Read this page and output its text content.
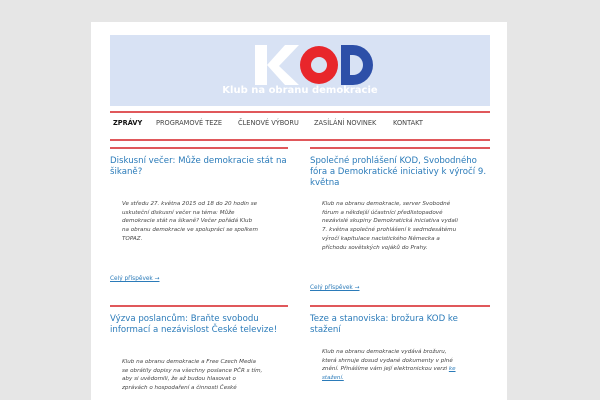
Klub na obranu demokracie
ZPRÁVY PROGRAMOVÉ TEZE ČLENOVÉ VÝBORU ZASÍLÁNÍ NOVINEK	KONTAKT
Diskusní večer: Může demokracie stát na šikaně?
Ve středu 27. května 2015 od 18 do 20 hodin se
uskuteční diskusní večer na téma: Může
demokracie stát na šikaně? Večer pořádá Klub
na obranu demokracie ve spolupráci se spolkem
TOPAZ.
Celý příspěvek →
Společné prohlášení KOD, Svobodného fóra a Demokratické iniciativy k výročí 9. května
Klub na obranu demokracie, server Svobodné
fórum a někdejší účastníci předlistopadové
nezávislé skupiny Demokratická iniciativa vydali
7. května společné prohlášení k sedmdesátému
výročí kapitulace nacistického Německa a
příchodu sovětských vojáků do Prahy.
Celý příspěvek →
Výzva poslancům: Braňte svobodu informací a nezávislost České televize!
Klub na obranu demokracie a Free Czech Media
se obrátily dopisy na všechny poslance PČR s tím,
aby si uvědomili, že až budou hlasovat o
zprávách o hospodaření a činnosti České
Teze a stanoviska: brožura KOD ke stažení
Klub na obranu demokracie vydává brožuru,
která shrnuje dosud vydané dokumenty v plné
znění. Přinášíme vám její elektronickou verzi ke
stažení.
